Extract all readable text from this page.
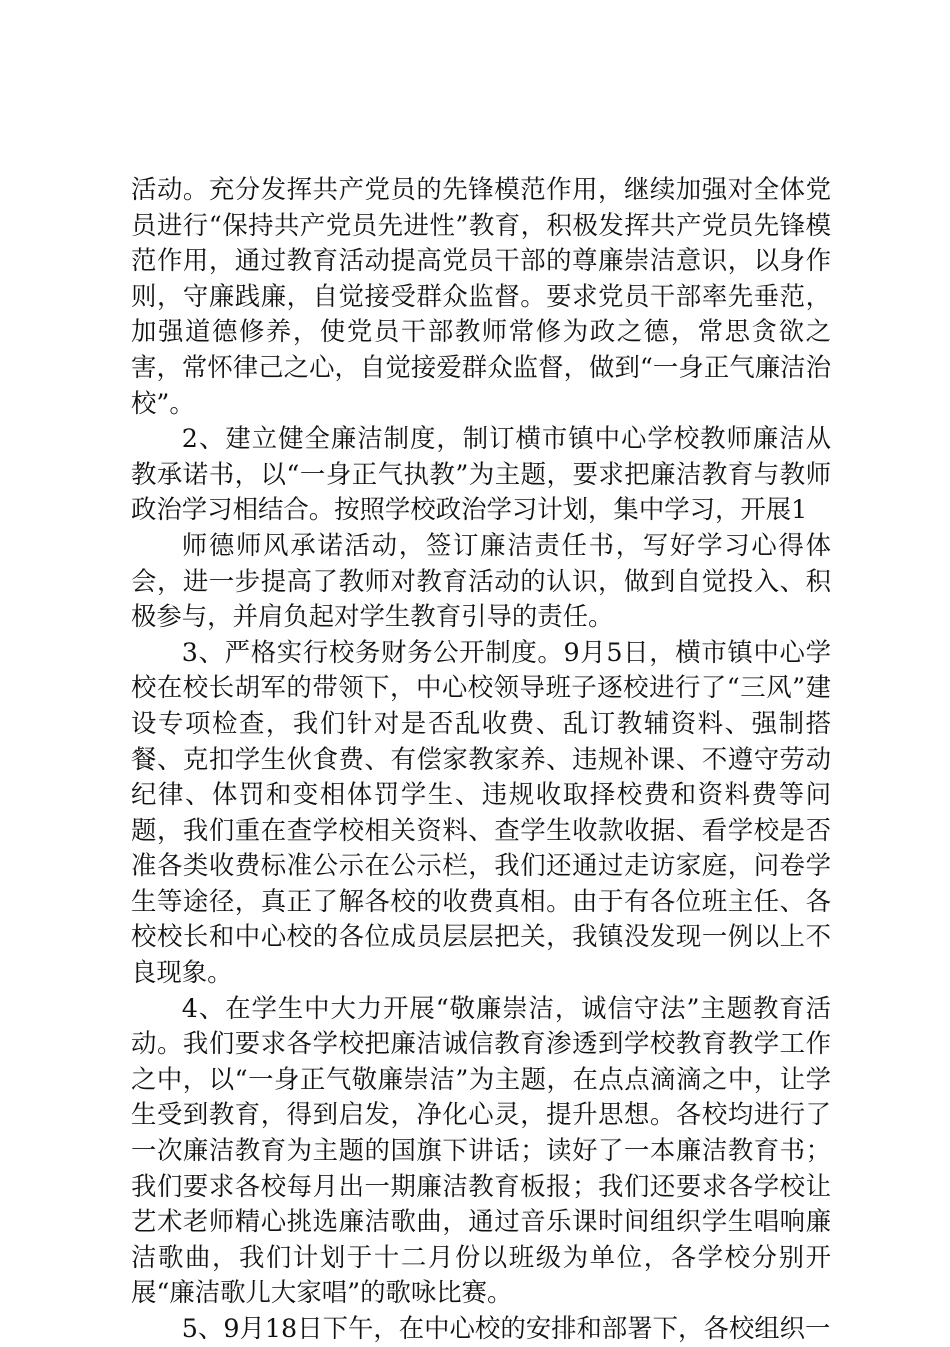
活动。充分发挥共产党员的先锋模范作用，继续加强对全体党员进行“保持共产党员先进性”教育，积极发挥共产党员先锋模范作用，通过教育活动提高党员干部的尊廉崇洁意识，以身作则，守廉践廉，自觉接受群众监督。要求党员干部率先垂范，加强道德修养，使党员干部教师常修为政之德，常思贪欲之害，常怀律己之心，自觉接爱群众监督，做到“一身正气廉洁治校”。

2、建立健全廉洁制度，制订横市镇中心学校教师廉洁从教承诺书，以“一身正气执教”为主题，要求把廉洁教育与教师政治学习相结合。按照学校政治学习计划，集中学习，开展1

师德师风承诺活动，签订廉洁责任书，写好学习心得体会，进一步提高了教师对教育活动的认识，做到自觉投入、积极参与，并肩负起对学生教育引导的责任。

3、严格实行校务财务公开制度。9月5日，横市镇中心学校在校长胡军的带领下，中心校领导班子逐校进行了“三风”建设专项检查，我们针对是否乱收费、乱订教辅资料、强制搭餐、克扣学生伙食费、有偿家教家养、违规补课、不遵守劳动纪律、体罚和变相体罚学生、违规收取择校费和资料费等问题，我们重在查学校相关资料、查学生收款收据、看学校是否准各类收费标准公示在公示栏，我们还通过走访家庭，问卷学生等途径，真正了解各校的收费真相。由于有各位班主任、各校校长和中心校的各位成员层层把关，我镇没发现一例以上不良现象。

4、在学生中大力开展“敬廉崇洁，诚信守法”主题教育活动。我们要求各学校把廉洁诚信教育渗透到学校教育教学工作之中，以“一身正气敬廉崇洁”为主题，在点点滴滴之中，让学生受到教育，得到启发，净化心灵，提升思想。各校均进行了一次廉洁教育为主题的国旗下讲话；读好了一本廉洁教育书；我们要求各校每月出一期廉洁教育板报；我们还要求各学校让艺术老师精心挑选廉洁歌曲，通过音乐课时间组织学生唱响廉洁歌曲，我们计划于十二月份以班级为单位，各学校分别开展“廉洁歌儿大家唱”的歌咏比赛。

5、9月18日下午，在中心校的安排和部署下，各校组织一
